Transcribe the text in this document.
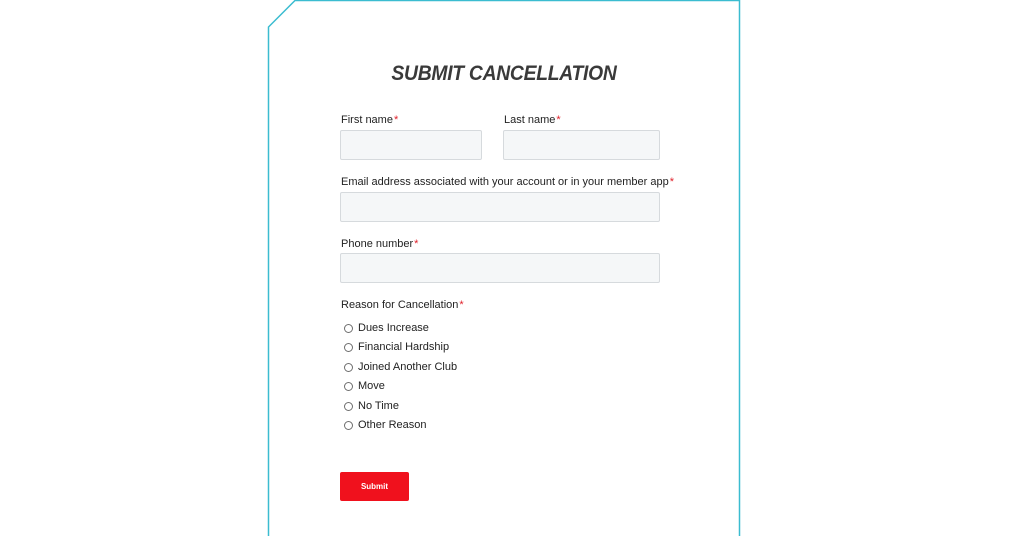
SUBMIT CANCELLATION
First name*	Last name*
Email address associated with your account or in your member app*
Phone number*
Reason for Cancellation*
Dues Increase
Financial Hardship
Joined Another Club
Move
No Time
Other Reason
Submit
